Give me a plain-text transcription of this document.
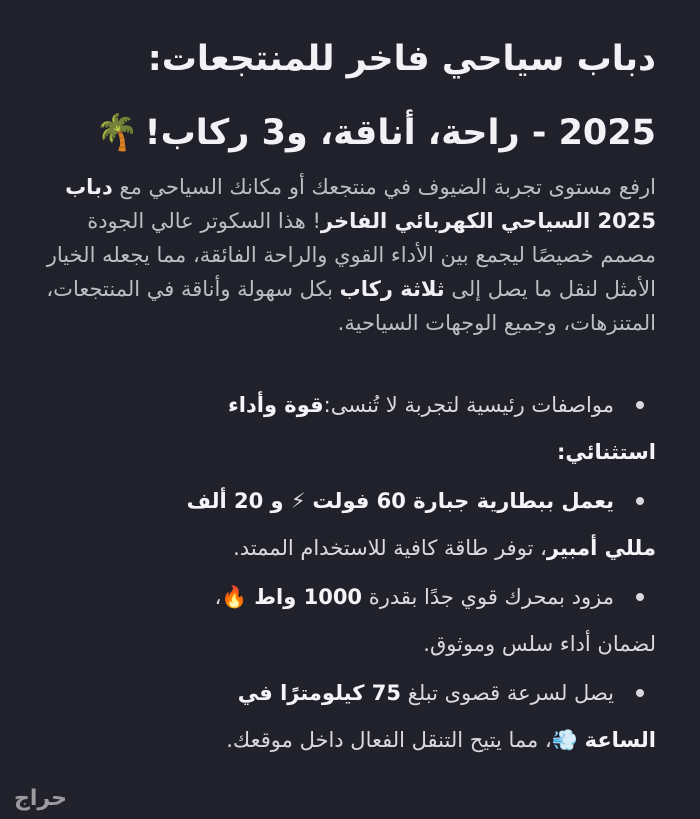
دباب سياحي فاخر للمنتجعات:
2025 - راحة، أناقة، و3 ركاب!🌴

ارفع مستوى تجربة الضيوف في منتجعك أو مكانك السياحي مع دباب 2025 السياحي الكهربائي الفاخر! هذا السكوتر عالي الجودة مصمم خصيصًا ليجمع بين الأداء القوي والراحة الفائقة، مما يجعله الخيار الأمثل لنقل ما يصل إلى ثلاثة ركاب بكل سهولة وأناقة في المنتجعات، المتنزهات، وجميع الوجهات السياحية.

مواصفات رئيسية لتجربة لا تُنسى:قوة وأداء
استثنائي:
يعمل ببطارية جبارة 60 فولت ⚡ و 20 ألف
مللي أمبير، توفر طاقة كافية للاستخدام الممتد.
مزود بمحرك قوي جدًا بقدرة 1000 واط 🔥،
لضمان أداء سلس وموثوق.
يصل لسرعة قصوى تبلغ 75 كيلومترًا في
الساعة 💨، مما يتيح التنقل الفعال داخل موقعك.
حراج
